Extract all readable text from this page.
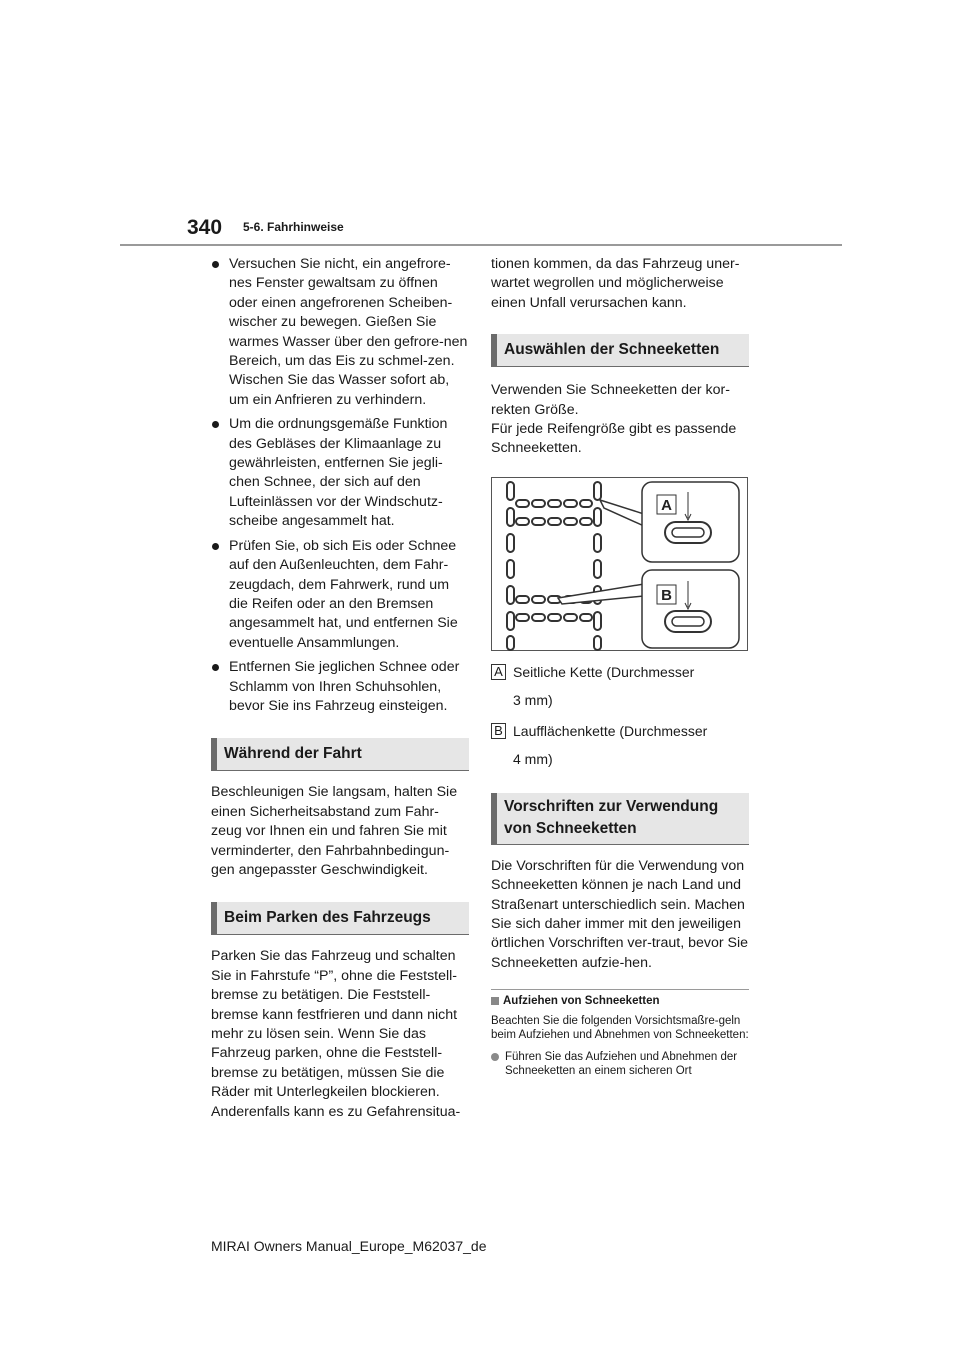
340 5-6. Fahrhinweise
Versuchen Sie nicht, ein angefrore-nes Fenster gewaltsam zu öffnen oder einen angefrorenen Scheiben-wischer zu bewegen. Gießen Sie warmes Wasser über den gefrore-nen Bereich, um das Eis zu schmel-zen. Wischen Sie das Wasser sofort ab, um ein Anfrieren zu verhindern.
Um die ordnungsgemäße Funktion des Gebläses der Klimaanlage zu gewährleisten, entfernen Sie jegli-chen Schnee, der sich auf den Lufteinlässen vor der Windschutz-scheibe angesammelt hat.
Prüfen Sie, ob sich Eis oder Schnee auf den Außenleuchten, dem Fahr-zeugdach, dem Fahrwerk, rund um die Reifen oder an den Bremsen angesammelt hat, und entfernen Sie eventuelle Ansammlungen.
Entfernen Sie jeglichen Schnee oder Schlamm von Ihren Schuhsohlen, bevor Sie ins Fahrzeug einsteigen.
Während der Fahrt

Beschleunigen Sie langsam, halten Sie einen Sicherheitsabstand zum Fahr-zeug vor Ihnen ein und fahren Sie mit verminderter, den Fahrbahnbedingun-gen angepasster Geschwindigkeit.

Beim Parken des Fahrzeugs

Parken Sie das Fahrzeug und schalten Sie in Fahrstufe “P”, ohne die Feststell-bremse zu betätigen. Die Feststell-bremse kann festfrieren und dann nicht mehr zu lösen sein. Wenn Sie das Fahrzeug parken, ohne die Feststell-bremse zu betätigen, müssen Sie die Räder mit Unterlegkeilen blockieren. Anderenfalls kann es zu Gefahrensitua-

tionen kommen, da das Fahrzeug uner-wartet wegrollen und möglicherweise einen Unfall verursachen kann.

Auswählen der Schneeketten

Verwenden Sie Schneeketten der kor-rekten Größe.
Für jede Reifengröße gibt es passende Schneeketten.

A
B
A Seitliche Kette (Durchmesser
3 mm)
B Laufflächenkette (Durchmesser
4 mm)
Vorschriften zur Verwendung von Schneeketten

Die Vorschriften für die Verwendung von Schneeketten können je nach Land und Straßenart unterschiedlich sein. Machen Sie sich daher immer mit den jeweiligen örtlichen Vorschriften ver-traut, bevor Sie Schneeketten aufzie-hen.

Aufziehen von Schneeketten

Beachten Sie die folgenden Vorsichtsmaßre-geln beim Aufziehen und Abnehmen von Schneeketten:

Führen Sie das Aufziehen und Abnehmen der Schneeketten an einem sicheren Ort
MIRAI Owners Manual_Europe_M62037_de
